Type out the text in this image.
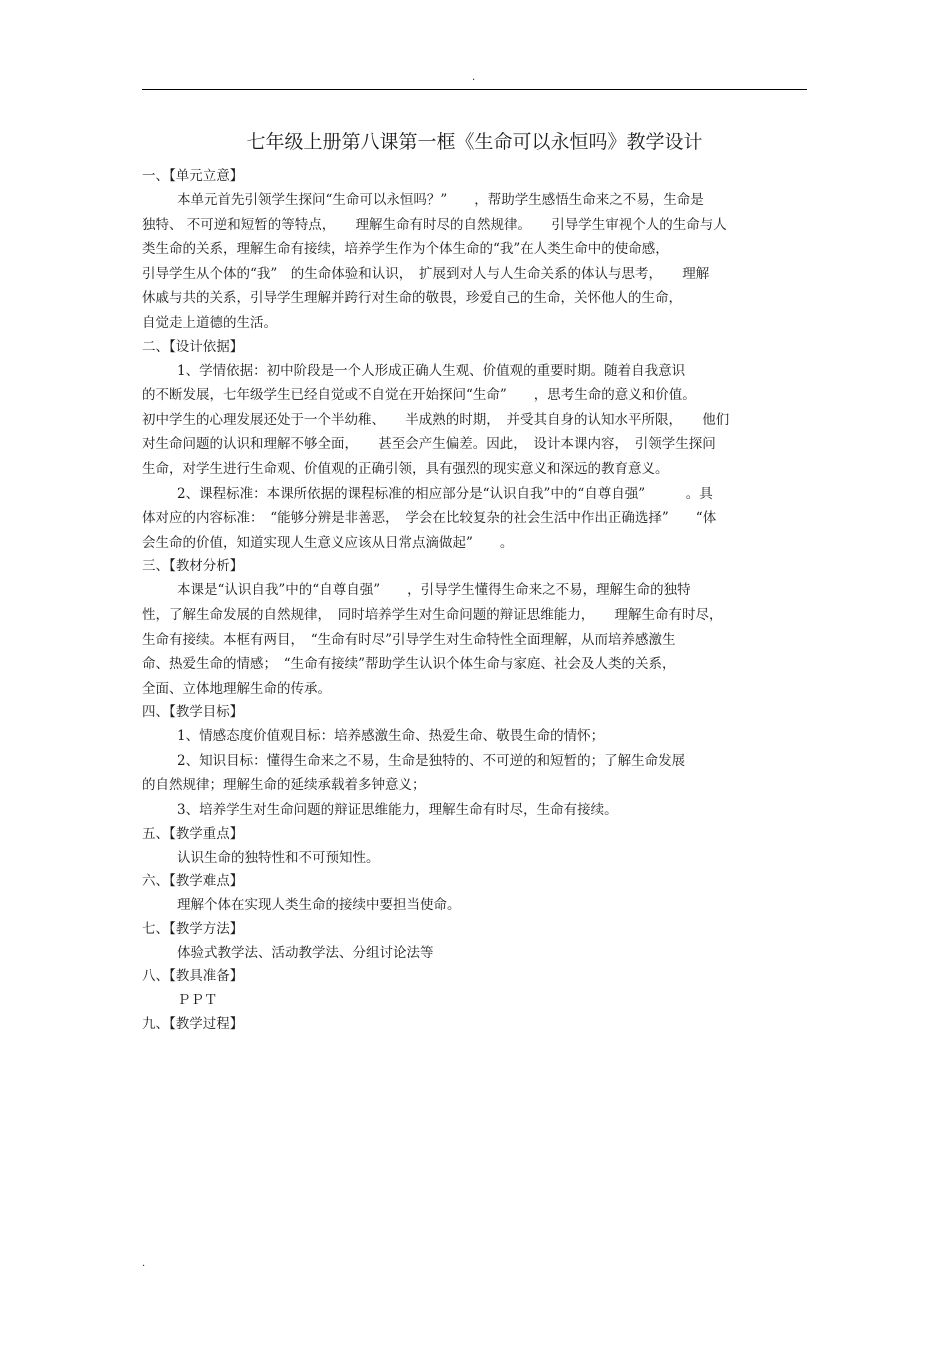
.
七年级上册第八课第一框《生命可以永恒吗》教学设计
一、【单元立意】
本单元首先引领学生探问“生命可以永恒吗？”　　，帮助学生感悟生命来之不易，生命是
独特、 不可逆和短暂的等特点，　　理解生命有时尽的自然规律。　　引导学生审视个人的生命与人
类生命的关系，理解生命有接续，培养学生作为个体生命的“我”在人类生命中的使命感，
引导学生从个体的“我”　的生命体验和认识，　扩展到对人与人生命关系的体认与思考，　　理解
休戚与共的关系，引导学生理解并跨行对生命的敬畏，珍爱自己的生命，关怀他人的生命，
自觉走上道德的生活。
二、【设计依据】
1、学情依据：初中阶段是一个人形成正确人生观、价值观的重要时期。随着自我意识
的不断发展，七年级学生已经自觉或不自觉在开始探问“生命”　　，思考生命的意义和价值。
初中学生的心理发展还处于一个半幼稚、　　半成熟的时期，　并受其自身的认知水平所限，　　他们
对生命问题的认识和理解不够全面，　　甚至会产生偏差。因此，　设计本课内容，　引领学生探问
生命，对学生进行生命观、价值观的正确引领，具有强烈的现实意义和深远的教育意义。
2、课程标准：本课所依据的课程标准的相应部分是“认识自我”中的“自尊自强”　　　。具
体对应的内容标准：　“能够分辨是非善恶，　学会在比较复杂的社会生活中作出正确选择”　　“体
会生命的价值，知道实现人生意义应该从日常点滴做起”　　。
三、【教材分析】
本课是“认识自我”中的“自尊自强”　　，引导学生懂得生命来之不易，理解生命的独特
性，了解生命发展的自然规律，　同时培养学生对生命问题的辩证思维能力，　　理解生命有时尽，
生命有接续。本框有两目，　“生命有时尽”引导学生对生命特性全面理解，从而培养感激生
命、热爱生命的情感；　“生命有接续”帮助学生认识个体生命与家庭、社会及人类的关系，
全面、立体地理解生命的传承。
四、【教学目标】
1、情感态度价值观目标：培养感激生命、热爱生命、敬畏生命的情怀；
2、知识目标：懂得生命来之不易，生命是独特的、不可逆的和短暂的；了解生命发展
的自然规律；理解生命的延续承载着多钟意义；
3、培养学生对生命问题的辩证思维能力，理解生命有时尽，生命有接续。
五、【教学重点】
认识生命的独特性和不可预知性。
六、【教学难点】
理解个体在实现人类生命的接续中要担当使命。
七、【教学方法】
体验式教学法、活动教学法、分组讨论法等
八、【教具准备】
ＰＰＴ
九、【教学过程】
.
